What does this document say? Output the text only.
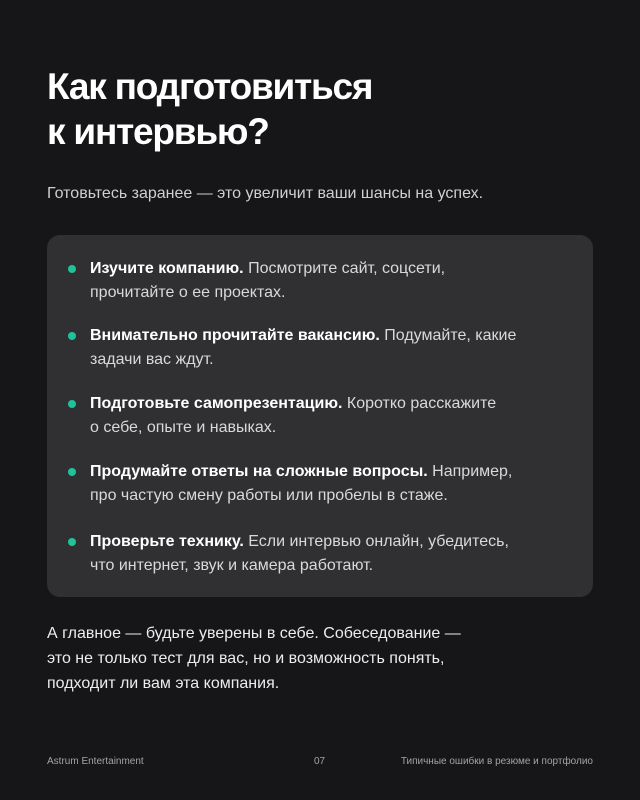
Как подготовиться
к интервью?

Готовьтесь заранее — это увеличит ваши шансы на успех.

Изучите компанию. Посмотрите сайт, соцсети,
прочитайте о ее проектах.

Внимательно прочитайте вакансию. Подумайте, какие
задачи вас ждут.

Подготовьте самопрезентацию. Коротко расскажите
о себе, опыте и навыках.

Продумайте ответы на сложные вопросы. Например,
про частую смену работы или пробелы в стаже.

Проверьте технику. Если интервью онлайн, убедитесь,
что интернет, звук и камера работают.

А главное — будьте уверены в себе. Собеседование —
это не только тест для вас, но и возможность понять,
подходит ли вам эта компания.

Astrum Entertainment	07	Типичные ошибки в резюме и портфолио
